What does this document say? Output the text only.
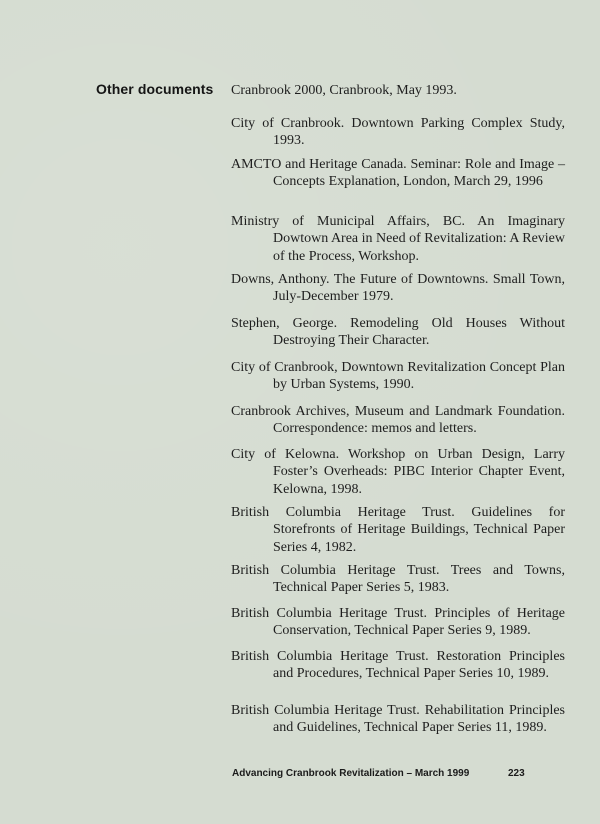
Other documents Cranbrook 2000, Cranbrook, May 1993.
City of Cranbrook. Downtown Parking Complex Study, 1993.
AMCTO and Heritage Canada. Seminar: Role and Image – Concepts Explanation, London, March 29, 1996
Ministry of Municipal Affairs, BC. An Imaginary Dowtown Area in Need of Revitalization: A Review of the Process, Workshop.
Downs, Anthony. The Future of Downtowns. Small Town, July-December 1979.
Stephen, George. Remodeling Old Houses Without Destroying Their Character.
City of Cranbrook, Downtown Revitalization Concept Plan by Urban Systems, 1990.
Cranbrook Archives, Museum and Landmark Foundation. Correspondence: memos and letters.
City of Kelowna. Workshop on Urban Design, Larry Foster’s Overheads: PIBC Interior Chapter Event, Kelowna, 1998.
British Columbia Heritage Trust. Guidelines for Storefronts of Heritage Buildings, Technical Paper Series 4, 1982.
British Columbia Heritage Trust. Trees and Towns, Technical Paper Series 5, 1983.
British Columbia Heritage Trust. Principles of Heritage Conservation, Technical Paper Series 9, 1989.
British Columbia Heritage Trust. Restoration Principles and Procedures, Technical Paper Series 10, 1989.
British Columbia Heritage Trust. Rehabilitation Principles and Guidelines, Technical Paper Series 11, 1989.
Advancing Cranbrook Revitalization – March 1999	223
